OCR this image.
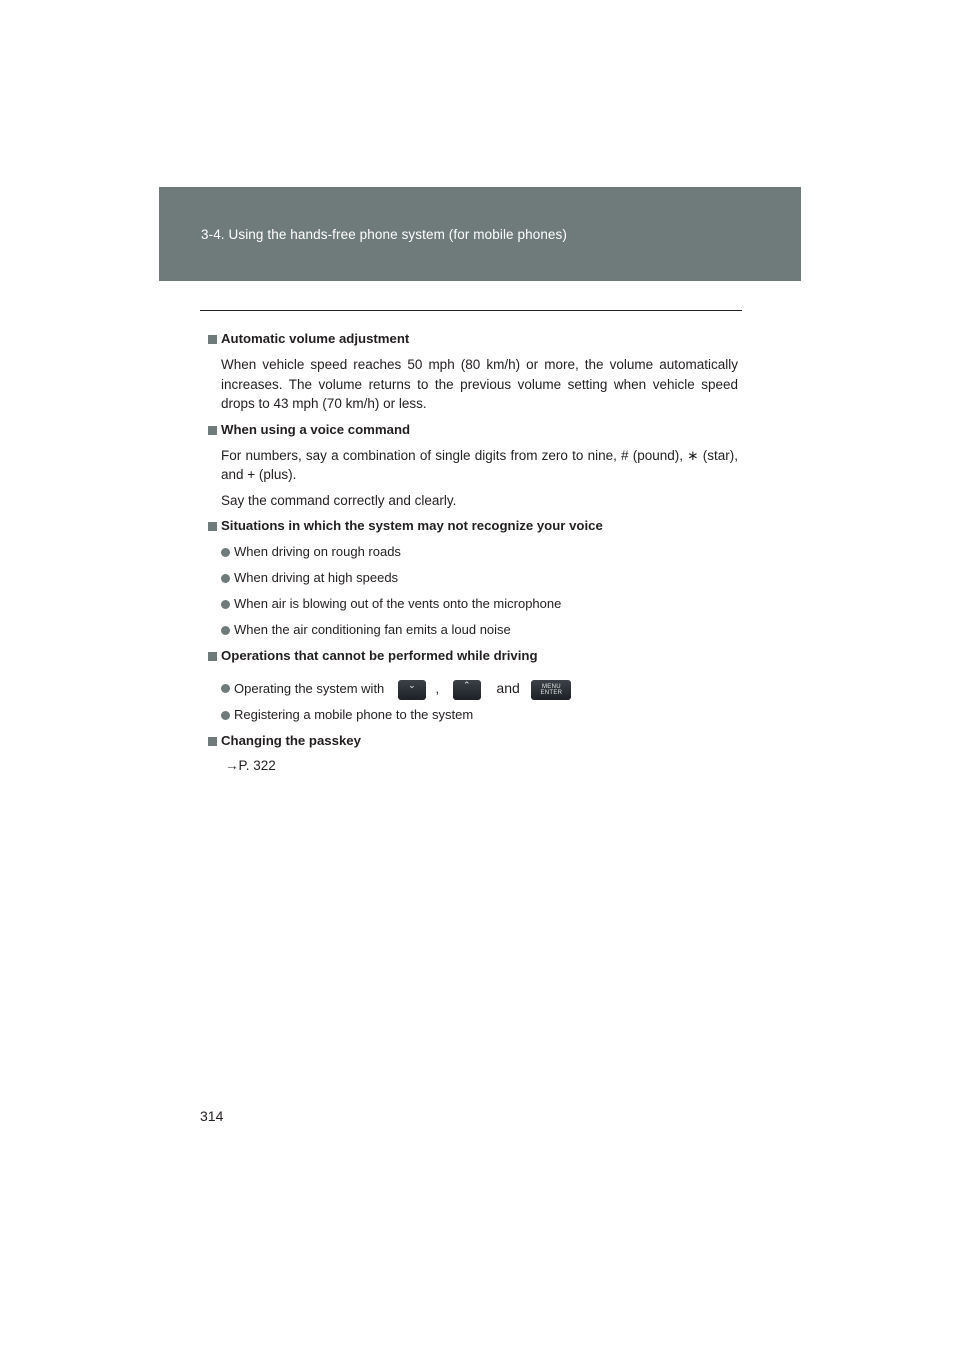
3-4. Using the hands-free phone system (for mobile phones)
Automatic volume adjustment
When vehicle speed reaches 50 mph (80 km/h) or more, the volume automatically increases. The volume returns to the previous volume setting when vehicle speed drops to 43 mph (70 km/h) or less.
When using a voice command
For numbers, say a combination of single digits from zero to nine, # (pound), ∗ (star), and + (plus).
Say the command correctly and clearly.
Situations in which the system may not recognize your voice
When driving on rough roads
When driving at high speeds
When air is blowing out of the vents onto the microphone
When the air conditioning fan emits a loud noise
Operations that cannot be performed while driving
Operating the system with	⌄	,	⌃	and	MENU ENTER
Registering a mobile phone to the system
Changing the passkey
→P. 322
314
